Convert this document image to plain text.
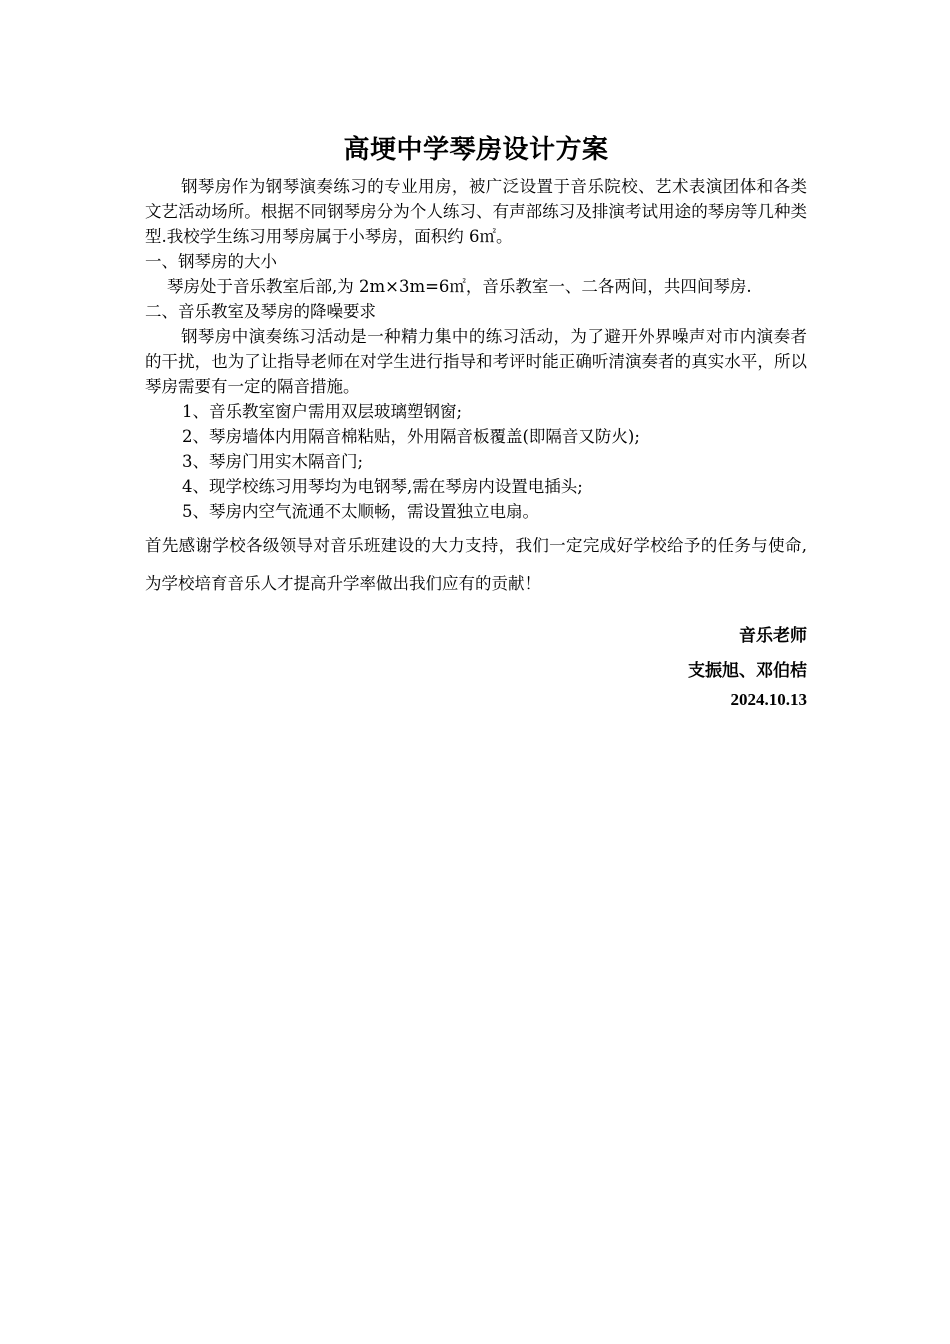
高埂中学琴房设计方案

钢琴房作为钢琴演奏练习的专业用房，被广泛设置于音乐院校、艺术表演团体和各类文艺活动场所。根据不同钢琴房分为个人练习、有声部练习及排演考试用途的琴房等几种类型.我校学生练习用琴房属于小琴房，面积约 6㎡。

一、钢琴房的大小

琴房处于音乐教室后部,为 2m×3m=6㎡，音乐教室一、二各两间，共四间琴房.

二、音乐教室及琴房的降噪要求

钢琴房中演奏练习活动是一种精力集中的练习活动，为了避开外界噪声对市内演奏者的干扰，也为了让指导老师在对学生进行指导和考评时能正确听清演奏者的真实水平，所以琴房需要有一定的隔音措施。

1、音乐教室窗户需用双层玻璃塑钢窗;

2、琴房墙体内用隔音棉粘贴，外用隔音板覆盖(即隔音又防火);

3、琴房门用实木隔音门;

4、现学校练习用琴均为电钢琴,需在琴房内设置电插头;

5、琴房内空气流通不太顺畅，需设置独立电扇。

首先感谢学校各级领导对音乐班建设的大力支持，我们一定完成好学校给予的任务与使命,为学校培育音乐人才提高升学率做出我们应有的贡献！

音乐老师
支振旭、邓伯桔
2024.10.13
